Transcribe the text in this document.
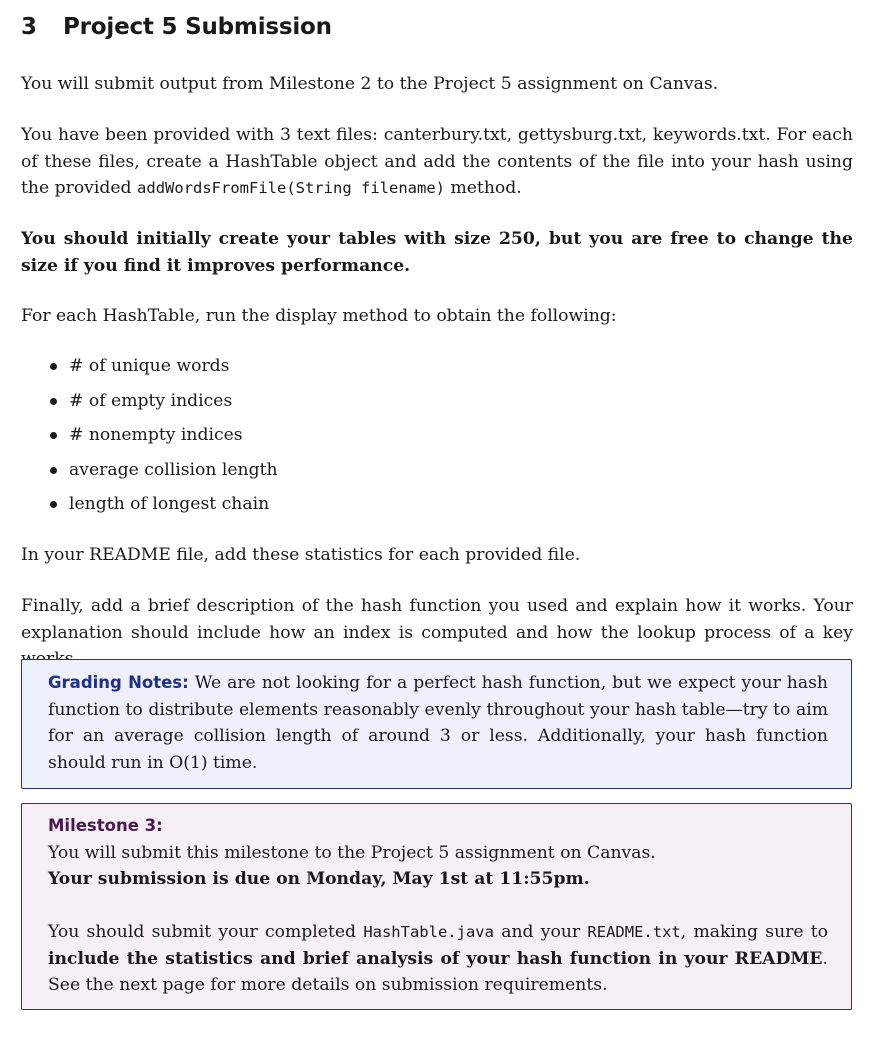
3 Project 5 Submission
You will submit output from Milestone 2 to the Project 5 assignment on Canvas.
You have been provided with 3 text files: canterbury.txt, gettysburg.txt, keywords.txt. For each of these files, create a HashTable object and add the contents of the file into your hash using the provided addWordsFromFile(String filename) method.
You should initially create your tables with size 250, but you are free to change the size if you find it improves performance.
For each HashTable, run the display method to obtain the following:
# of unique words
# of empty indices
# nonempty indices
average collision length
length of longest chain
In your README file, add these statistics for each provided file.
Finally, add a brief description of the hash function you used and explain how it works. Your explanation should include how an index is computed and how the lookup process of a key
Grading Notes: We are not looking for a perfect hash function, but we expect your hash function to distribute elements reasonably evenly throughout your hash table—try to aim for an average collision length of around 3 or less. Additionally, your hash function should run in O(1) time.
Milestone 3:
You will submit this milestone to the Project 5 assignment on Canvas.
Your submission is due on Monday, May 1st at 11:55pm.
You should submit your completed HashTable.java and your README.txt, making sure to include the statistics and brief analysis of your hash function in your README. See the next page for more details on submission requirements.
